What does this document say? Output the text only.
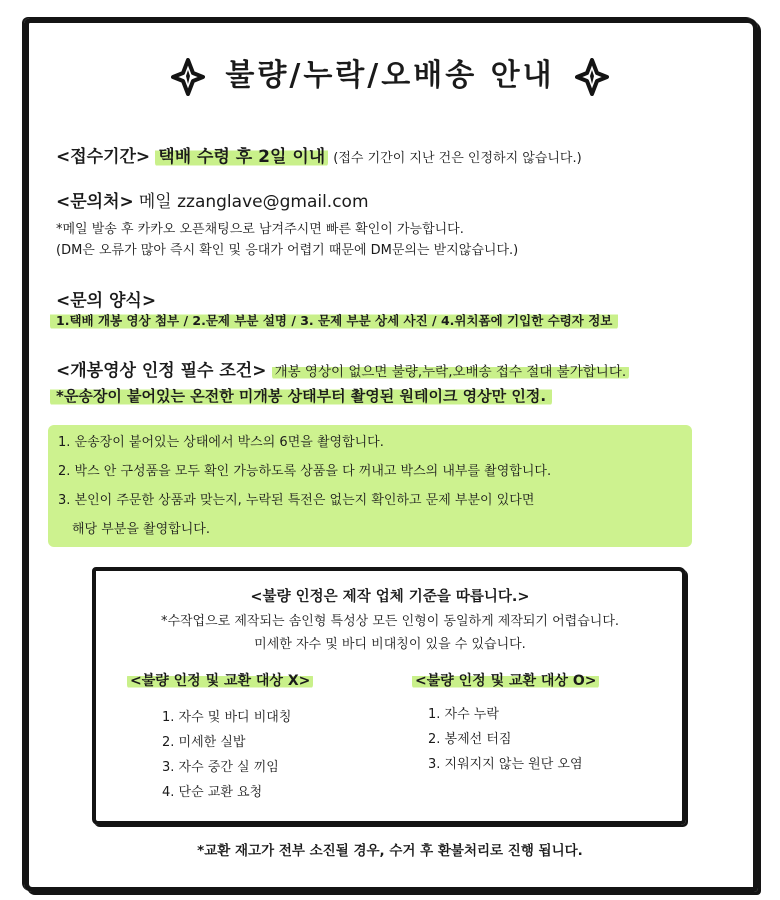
불량/누락/오배송 안내
<접수기간> 택배 수령 후 2일 이내 (접수 기간이 지난 건은 인정하지 않습니다.)
<문의처> 메일 zzanglave@gmail.com
*메일 발송 후 카카오 오픈채팅으로 남겨주시면 빠른 확인이 가능합니다.
(DM은 오류가 많아 즉시 확인 및 응대가 어렵기 때문에 DM문의는 받지않습니다.)
<문의 양식>
1.택배 개봉 영상 첨부 / 2.문제 부분 설명 / 3. 문제 부분 상세 사진 / 4.위치폼에 기입한 수령자 정보
<개봉영상 인정 필수 조건> 개봉 영상이 없으면 불량,누락,오배송 접수 절대 불가합니다.
*운송장이 붙어있는 온전한 미개봉 상태부터 촬영된 원테이크 영상만 인정.
1. 운송장이 붙어있는 상태에서 박스의 6면을 촬영합니다.
2. 박스 안 구성품을 모두 확인 가능하도록 상품을 다 꺼내고 박스의 내부를 촬영합니다.
3. 본인이 주문한 상품과 맞는지, 누락된 특전은 없는지 확인하고 문제 부분이 있다면
해당 부분을 촬영합니다.
<불량 인정은 제작 업체 기준을 따릅니다.>
*수작업으로 제작되는 솜인형 특성상 모든 인형이 동일하게 제작되기 어렵습니다.
미세한 자수 및 바디 비대칭이 있을 수 있습니다.
<불량 인정 및 교환 대상 X>
1. 자수 및 바디 비대칭
2. 미세한 실밥
3. 자수 중간 실 끼임
4. 단순 교환 요청
<불량 인정 및 교환 대상 O>
1. 자수 누락
2. 봉제선 터짐
3. 지워지지 않는 원단 오염
*교환 재고가 전부 소진될 경우, 수거 후 환불처리로 진행 됩니다.
